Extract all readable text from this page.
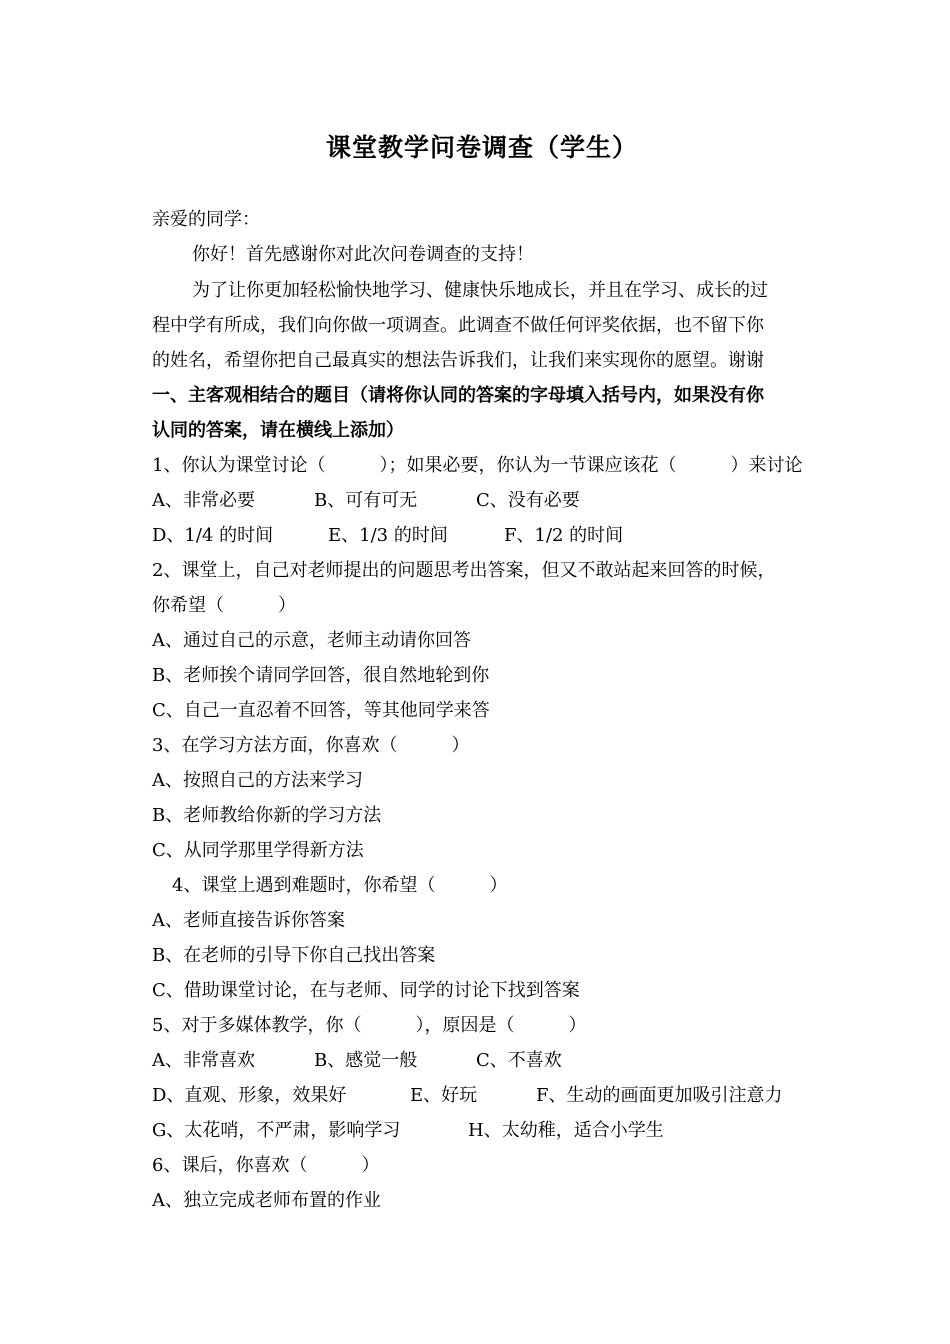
课堂教学问卷调查（学生）
亲爱的同学：
你好！首先感谢你对此次问卷调查的支持！
为了让你更加轻松愉快地学习、健康快乐地成长，并且在学习、成长的过
程中学有所成，我们向你做一项调查。此调查不做任何评奖依据，也不留下你
的姓名，希望你把自己最真实的想法告诉我们，让我们来实现你的愿望。谢谢
一、主客观相结合的题目（请将你认同的答案的字母填入括号内，如果没有你
认同的答案，请在横线上添加）
1、你认为课堂讨论（　　　）；如果必要，你认为一节课应该花（　　　）来讨论
A、非常必要	B、可有可无	C、没有必要
D、1/4 的时间	E、1/3 的时间	F、1/2 的时间
2、课堂上，自己对老师提出的问题思考出答案，但又不敢站起来回答的时候，
你希望（　　　）
A、通过自己的示意，老师主动请你回答
B、老师挨个请同学回答，很自然地轮到你
C、自己一直忍着不回答，等其他同学来答
3、在学习方法方面，你喜欢（　　　）
A、按照自己的方法来学习
B、老师教给你新的学习方法
C、从同学那里学得新方法
4、课堂上遇到难题时，你希望（　　　）
A、老师直接告诉你答案
B、在老师的引导下你自己找出答案
C、借助课堂讨论，在与老师、同学的讨论下找到答案
5、对于多媒体教学，你（　　　），原因是（　　　）
A、非常喜欢	B、感觉一般	C、不喜欢
D、直观、形象，效果好	E、好玩	F、生动的画面更加吸引注意力
G、太花哨，不严肃，影响学习	H、太幼稚，适合小学生
6、课后，你喜欢（　　　）
A、独立完成老师布置的作业
